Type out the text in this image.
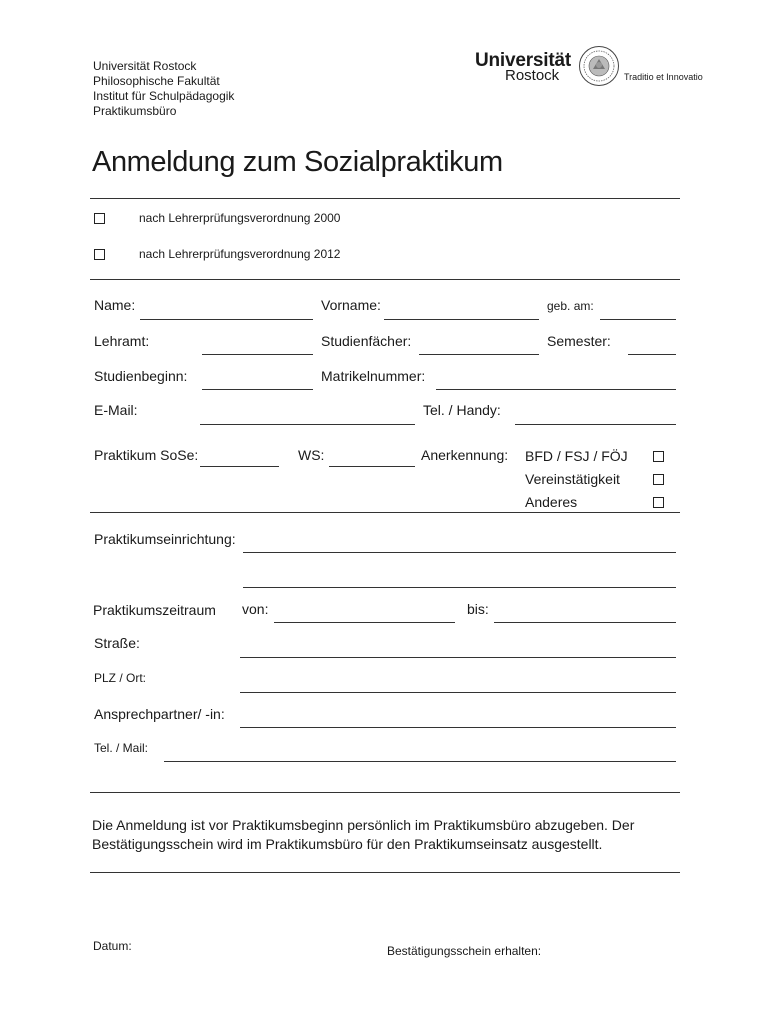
Universität Rostock
Philosophische Fakultät
Institut für Schulpädagogik
Praktikumsbüro
Universität
Rostock	Traditio et Innovatio
Anmeldung zum Sozialpraktikum
nach Lehrerprüfungsverordnung 2000
nach Lehrerprüfungsverordnung 2012
Name:	Vorname:	geb. am:
Lehramt:	Studienfächer:	Semester:
Studienbeginn:	Matrikelnummer:
E-Mail:	Tel. / Handy:
Praktikum SoSe:	WS:	Anerkennung: BFD / FSJ / FÖJ
Vereinstätigkeit
Anderes
Praktikumseinrichtung:
Praktikumszeitraum von:	bis:
Straße:
PLZ / Ort:
Ansprechpartner/ -in:
Tel. / Mail:
Die Anmeldung ist vor Praktikumsbeginn persönlich im Praktikumsbüro abzugeben. Der
Bestätigungsschein wird im Praktikumsbüro für den Praktikumseinsatz ausgestellt.
Datum:	Bestätigungsschein erhalten:
